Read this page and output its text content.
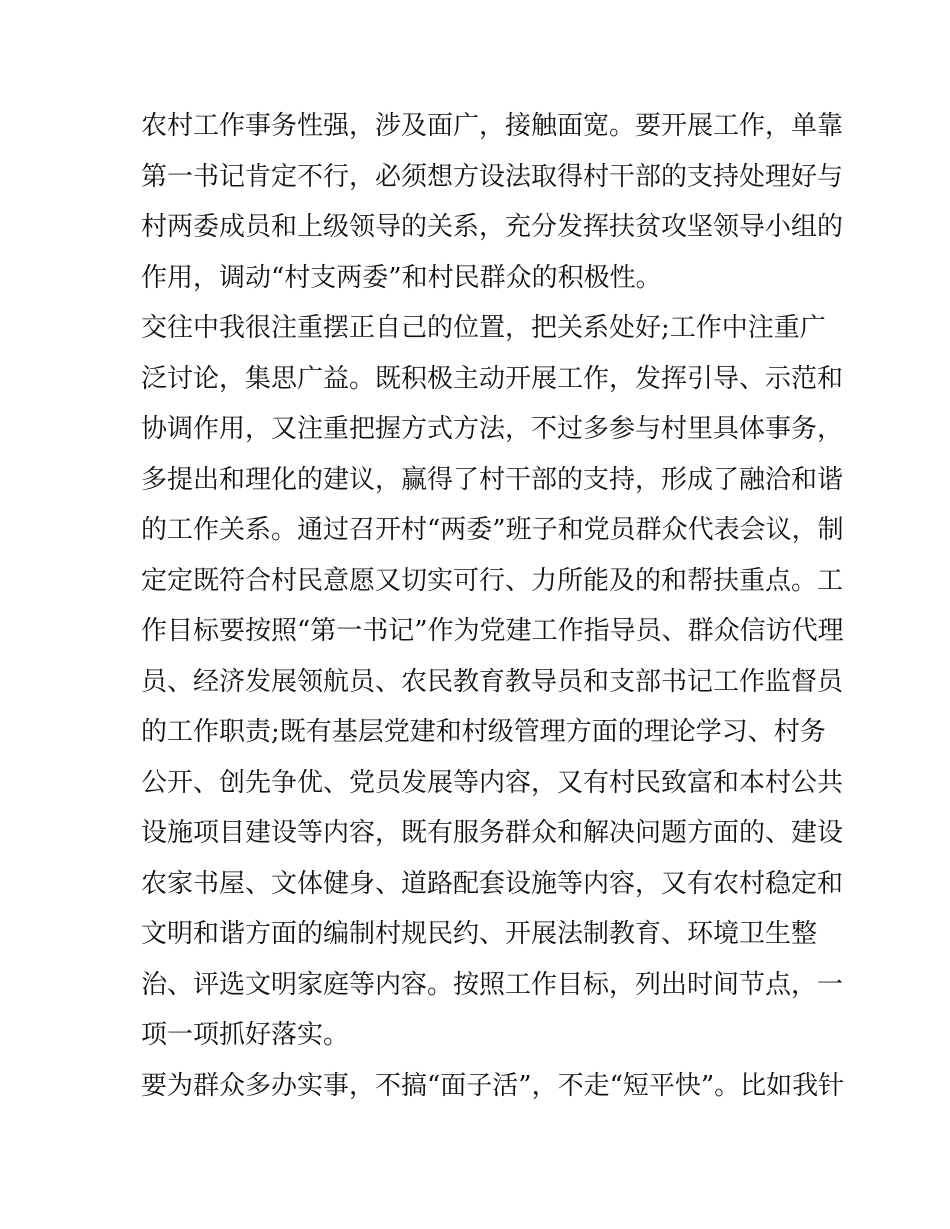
农村工作事务性强，涉及面广，接触面宽。要开展工作，单靠
第一书记肯定不行，必须想方设法取得村干部的支持处理好与
村两委成员和上级领导的关系，充分发挥扶贫攻坚领导小组的
作用，调动“村支两委”和村民群众的积极性。
交往中我很注重摆正自己的位置，把关系处好;工作中注重广
泛讨论，集思广益。既积极主动开展工作，发挥引导、示范和
协调作用，又注重把握方式方法，不过多参与村里具体事务，
多提出和理化的建议，赢得了村干部的支持，形成了融洽和谐
的工作关系。通过召开村“两委”班子和党员群众代表会议，制
定定既符合村民意愿又切实可行、力所能及的和帮扶重点。工
作目标要按照“第一书记”作为党建工作指导员、群众信访代理
员、经济发展领航员、农民教育教导员和支部书记工作监督员
的工作职责;既有基层党建和村级管理方面的理论学习、村务
公开、创先争优、党员发展等内容，又有村民致富和本村公共
设施项目建设等内容，既有服务群众和解决问题方面的、建设
农家书屋、文体健身、道路配套设施等内容，又有农村稳定和
文明和谐方面的编制村规民约、开展法制教育、环境卫生整
治、评选文明家庭等内容。按照工作目标，列出时间节点，一
项一项抓好落实。
要为群众多办实事，不搞“面子活”，不走“短平快”。比如我针
